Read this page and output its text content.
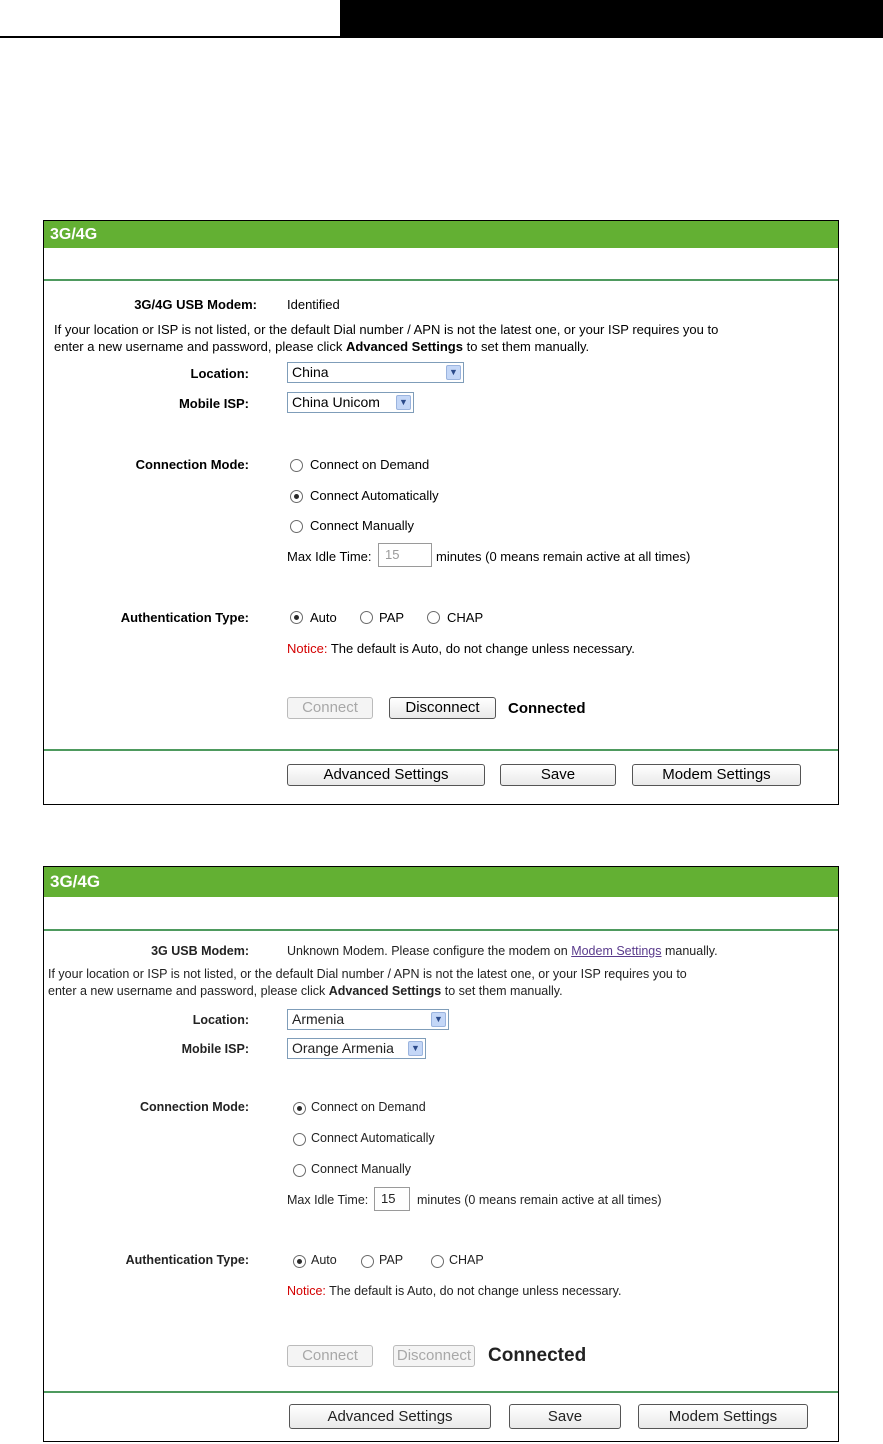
3G/4G
3G/4G USB Modem: Identified
If your location or ISP is not listed, or the default Dial number / APN is not the latest one, or your ISP requires you to
enter a new username and password, please click Advanced Settings to set them manually.
Location:	China	▼
Mobile ISP:	China Unicom	▼
Connection Mode:	Connect on Demand
Connect Automatically
Connect Manually
Max Idle Time:	15	minutes (0 means remain active at all times)
Authentication Type:	Auto	PAP	CHAP
Notice: The default is Auto, do not change unless necessary.
Connect	Disconnect	Connected
Advanced Settings	Save	Modem Settings
3G/4G
3G USB Modem:	Unknown Modem. Please configure the modem on Modem Settings manually.
If your location or ISP is not listed, or the default Dial number / APN is not the latest one, or your ISP requires you to
enter a new username and password, please click Advanced Settings to set them manually.
Location:	Armenia	▼
Mobile ISP:	Orange Armenia	▼
Connection Mode:	Connect on Demand
Connect Automatically
Connect Manually
Max Idle Time: 15	minutes (0 means remain active at all times)
Authentication Type:	Auto	PAP	CHAP
Notice: The default is Auto, do not change unless necessary.
Connect	Disconnect Connected
Advanced Settings	Save	Modem Settings
